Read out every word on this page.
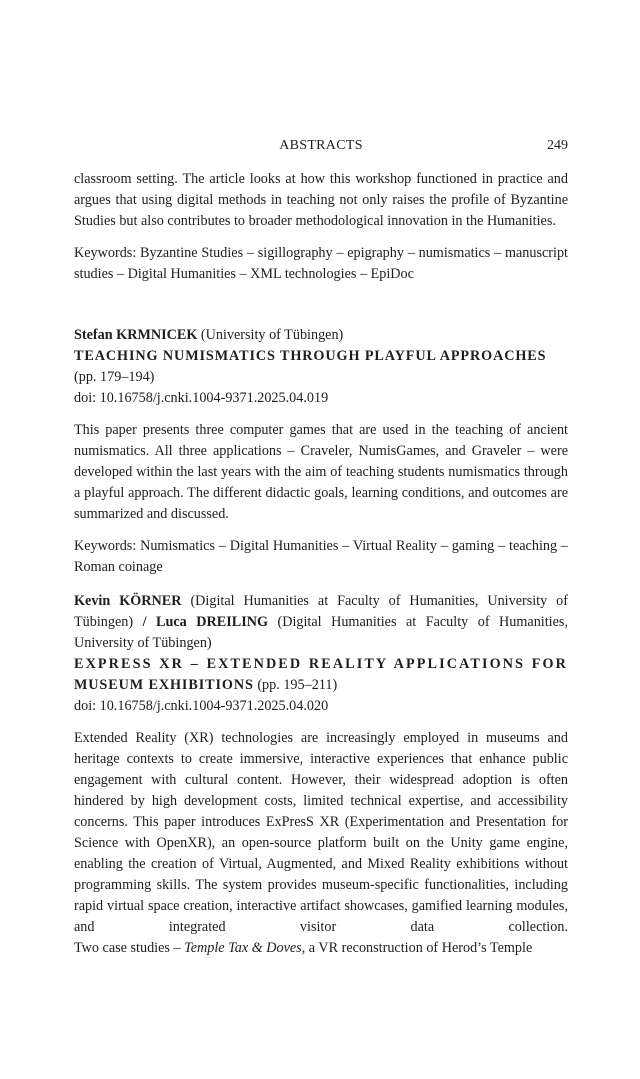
ABSTRACTS	249

classroom setting. The article looks at how this workshop functioned in practice and argues that using digital methods in teaching not only raises the profile of Byzantine Studies but also contributes to broader methodological innovation in the Humanities.

Keywords: Byzantine Studies – sigillography – epigraphy – numismatics – manuscript studies – Digital Humanities – XML technologies – EpiDoc

Stefan KRMNICEK (University of Tübingen)

TEACHING NUMISMATICS THROUGH PLAYFUL APPROACHES

(pp. 179–194)

doi: 10.16758/j.cnki.1004-9371.2025.04.019

This paper presents three computer games that are used in the teaching of ancient numismatics. All three applications – Craveler, NumisGames, and Graveler – were developed within the last years with the aim of teaching students numismatics through a playful approach. The different didactic goals, learning conditions, and outcomes are summarized and discussed.

Keywords: Numismatics – Digital Humanities – Virtual Reality – gaming – teaching – Roman coinage

Kevin KÖRNER (Digital Humanities at Faculty of Humanities, University of Tübingen) / Luca DREILING (Digital Humanities at Faculty of Humanities, University of Tübingen)

EXPRESS XR – EXTENDED REALITY APPLICATIONS FOR

MUSEUM EXHIBITIONS (pp. 195–211)

doi: 10.16758/j.cnki.1004-9371.2025.04.020

Extended Reality (XR) technologies are increasingly employed in museums and heritage contexts to create immersive, interactive experiences that enhance public engagement with cultural content. However, their widespread adoption is often hindered by high development costs, limited technical expertise, and accessibility concerns. This paper introduces ExPresS XR (Experimentation and Presentation for Science with OpenXR), an open-source platform built on the Unity game engine, enabling the creation of Virtual, Augmented, and Mixed Reality exhibitions without programming skills. The system provides museum-specific functionalities, including rapid virtual space creation, interactive artifact showcases, gamified learning modules, and integrated visitor data collection.

Two case studies – Temple Tax & Doves, a VR reconstruction of Herod’s Temple
